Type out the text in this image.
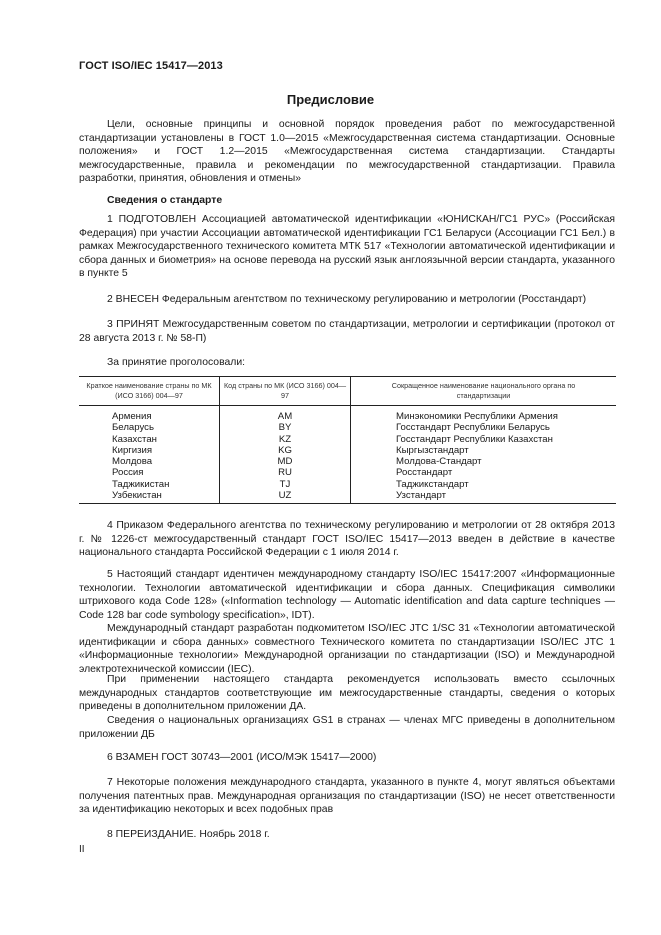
ГОСТ ISO/IEC 15417—2013
Предисловие

Цели, основные принципы и основной порядок проведения работ по межгосударственной стандартизации установлены в ГОСТ 1.0—2015 «Межгосударственная система стандартизации. Основные положения» и ГОСТ 1.2—2015 «Межгосударственная система стандартизации. Стандарты межгосударственные, правила и рекомендации по межгосударственной стандартизации. Правила разработки, принятия, обновления и отмены»

Сведения о стандарте

1 ПОДГОТОВЛЕН Ассоциацией автоматической идентификации «ЮНИСКАН/ГС1 РУС» (Российская Федерация) при участии Ассоциации автоматической идентификации ГС1 Беларуси (Ассоциации ГС1 Бел.) в рамках Межгосударственного технического комитета МТК 517 «Технологии автоматической идентификации и сбора данных и биометрия» на основе перевода на русский язык англоязычной версии стандарта, указанного в пункте 5

2 ВНЕСЕН Федеральным агентством по техническому регулированию и метрологии (Росстандарт)

3 ПРИНЯТ Межгосударственным советом по стандартизации, метрологии и сертификации (протокол от 28 августа 2013 г. № 58-П)

За принятие проголосовали:
Краткое наименование страны по МК (ИСО 3166) 004—97
Код страны по МК (ИСО 3166) 004—97
Сокращенное наименование национального органа по стандартизации
Армения
Беларусь
Казахстан
Киргизия
Молдова
Россия
Таджикистан
Узбекистан
AM
BY
KZ
KG
MD
RU
TJ
UZ
Минэкономики Республики Армения
Госстандарт Республики Беларусь
Госстандарт Республики Казахстан
Кыргызстандарт
Молдова-Стандарт
Росстандарт
Таджикстандарт
Узстандарт

4 Приказом Федерального агентства по техническому регулированию и метрологии от 28 октября 2013 г. № 1226-ст межгосударственный стандарт ГОСТ ISO/IEC 15417—2013 введен в действие в качестве национального стандарта Российской Федерации с 1 июля 2014 г.

5 Настоящий стандарт идентичен международному стандарту ISO/IEC 15417:2007 «Информационные технологии. Технологии автоматической идентификации и сбора данных. Спецификация символики штрихового кода Code 128» («Information technology — Automatic identification and data capture techniques — Code 128 bar code symbology specification», IDT).

Международный стандарт разработан подкомитетом ISO/IEC JTC 1/SC 31 «Технологии автоматической идентификации и сбора данных» совместного Технического комитета по стандартизации ISO/IEC JTC 1 «Информационные технологии» Международной организации по стандартизации (ISO) и Международной электротехнической комиссии (IEC).

При применении настоящего стандарта рекомендуется использовать вместо ссылочных международных стандартов соответствующие им межгосударственные стандарты, сведения о которых приведены в дополнительном приложении ДА.

Сведения о национальных организациях GS1 в странах — членах МГС приведены в дополнительном приложении ДБ

6 ВЗАМЕН ГОСТ 30743—2001 (ИСО/МЭК 15417—2000)

7 Некоторые положения международного стандарта, указанного в пункте 4, могут являться объектами получения патентных прав. Международная организация по стандартизации (ISO) не несет ответственности за идентификацию некоторых и всех подобных прав

8 ПЕРЕИЗДАНИЕ. Ноябрь 2018 г.

II
